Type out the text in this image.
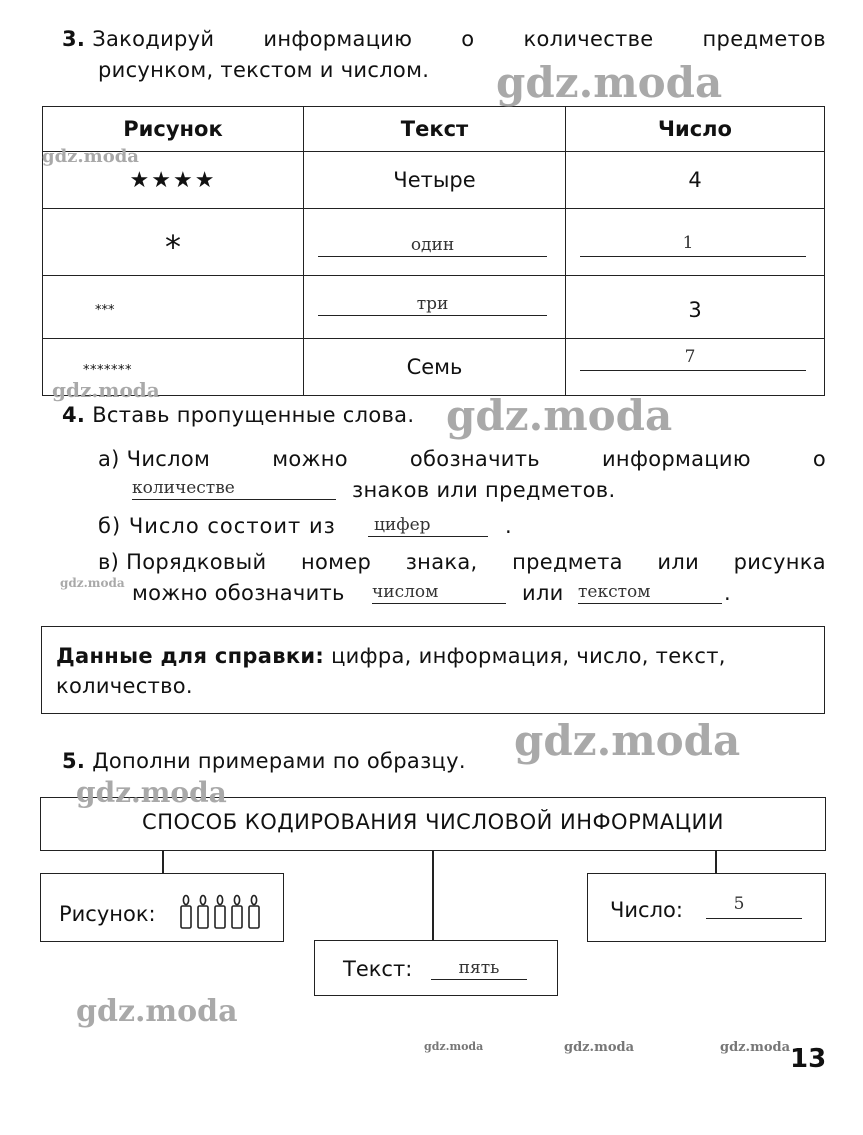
3. Закодируй информацию о количестве предметов
рисунком, текстом и числом.
Рисунок	Текст	Число
★★★★	Четыре	4
*	один	1

***	три	3
*******	Семь	7
4. Вставь пропущенные слова.
а) Числом	можно	обозначить	информацию	о
количестве	знаков или предметов.
б) Число состоит из цифер	.
в) Порядковый номер знака, предмета или рисунка
можно обозначить числом	или текстом	.
Данные для справки: цифра, информация, число, текст,
количество.
5. Дополни примерами по образцу.
СПОСОБ КОДИРОВАНИЯ ЧИСЛОВОЙ ИНФОРМАЦИИ
Рисунок:
Текст:	пять
Число:	5
13
gdz.moda
gdz.moda
gdz.moda
gdz.moda
gdz.moda
gdz.moda
gdz.moda
gdz.moda
gdz.moda	gdz.moda	gdz.moda
